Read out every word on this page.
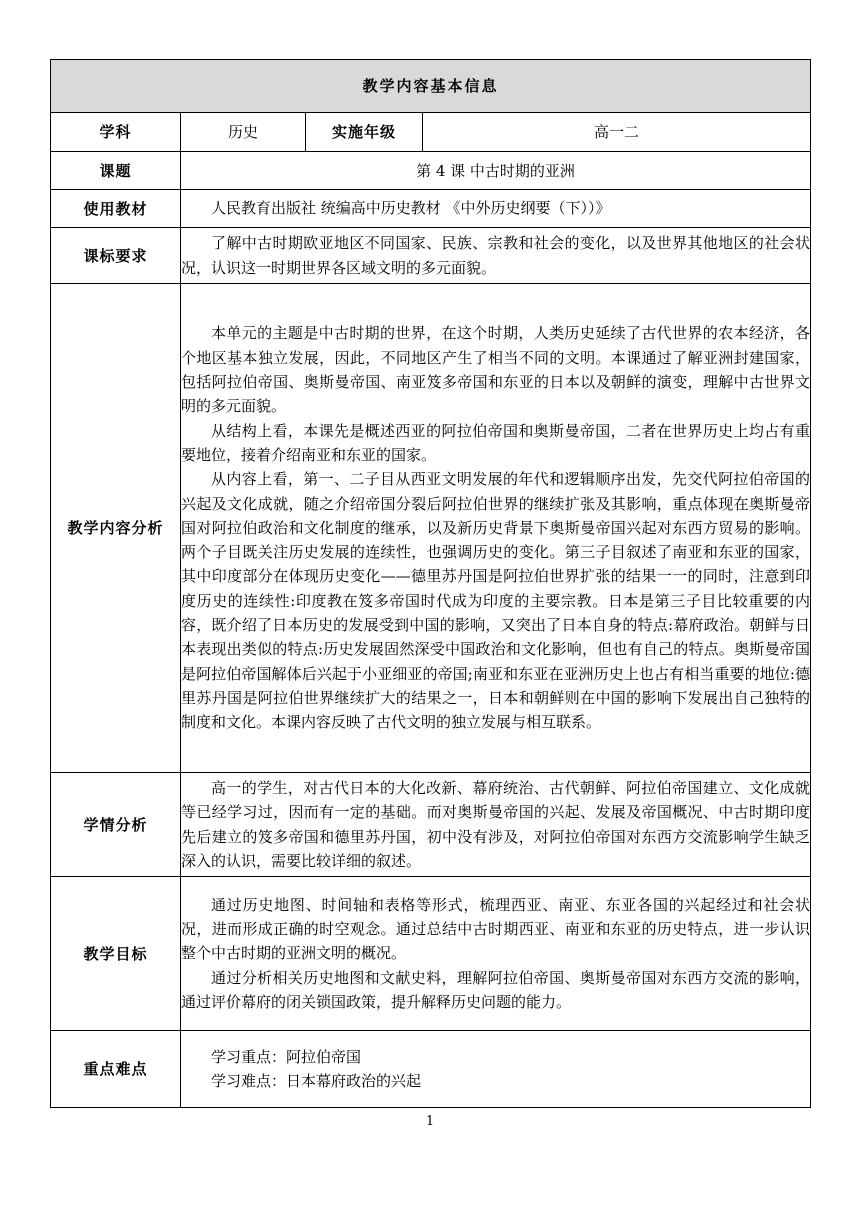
教学内容基本信息			
学科	历史	实施年级	高一二
课题	第 4 课 中古时期的亚洲		
使用教材	人民教育出版社 统编高中历史教材 《中外历史纲要（下））》		

课标要求	了解中古时期欧亚地区不同国家、民族、宗教和社会的变化，以及世界其他地区的社会状况，认识这一时期世界各区域文明的多元面貌。		

教学内容分析	本单元的主题是中古时期的世界，在这个时期，人类历史延续了古代世界的农本经济，各个地区基本独立发展，因此，不同地区产生了相当不同的文明。本课通过了解亚洲封建国家，包括阿拉伯帝国、奥斯曼帝国、南亚笈多帝国和东亚的日本以及朝鲜的演变，理解中古世界文明的多元面貌。

从结构上看，本课先是概述西亚的阿拉伯帝国和奥斯曼帝国，二者在世界历史上均占有重要地位，接着介绍南亚和东亚的国家。

从内容上看，第一、二子目从西亚文明发展的年代和逻辑顺序出发，先交代阿拉伯帝国的兴起及文化成就，随之介绍帝国分裂后阿拉伯世界的继续扩张及其影响，重点体现在奥斯曼帝国对阿拉伯政治和文化制度的继承，以及新历史背景下奥斯曼帝国兴起对东西方贸易的影响。两个子目既关注历史发展的连续性，也强调历史的变化。第三子目叙述了南亚和东亚的国家，其中印度部分在体现历史变化——德里苏丹国是阿拉伯世界扩张的结果一一的同时，注意到印度历史的连续性:印度教在笈多帝国时代成为印度的主要宗教。日本是第三子目比较重要的内容，既介绍了日本历史的发展受到中国的影响，又突出了日本自身的特点:幕府政治。朝鲜与日本表现出类似的特点:历史发展固然深受中国政治和文化影响，但也有自己的特点。奥斯曼帝国是阿拉伯帝国解体后兴起于小亚细亚的帝国;南亚和东亚在亚洲历史上也占有相当重要的地位:德里苏丹国是阿拉伯世界继续扩大的结果之一，日本和朝鲜则在中国的影响下发展出自己独特的制度和文化。本课内容反映了古代文明的独立发展与相互联系。		

学情分析	高一的学生，对古代日本的大化改新、幕府统治、古代朝鲜、阿拉伯帝国建立、文化成就等已经学习过，因而有一定的基础。而对奥斯曼帝国的兴起、发展及帝国概况、中古时期印度先后建立的笈多帝国和德里苏丹国，初中没有涉及，对阿拉伯帝国对东西方交流影响学生缺乏深入的认识，需要比较详细的叙述。		

教学目标	通过历史地图、时间轴和表格等形式，梳理西亚、南亚、东亚各国的兴起经过和社会状况，进而形成正确的时空观念。通过总结中古时期西亚、南亚和东亚的历史特点，进一步认识整个中古时期的亚洲文明的概况。

通过分析相关历史地图和文献史料，理解阿拉伯帝国、奥斯曼帝国对东西方交流的影响，通过评价幕府的闭关锁国政策，提升解释历史问题的能力。		

重点难点	学习重点：阿拉伯帝国

学习难点：日本幕府政治的兴起		

1
